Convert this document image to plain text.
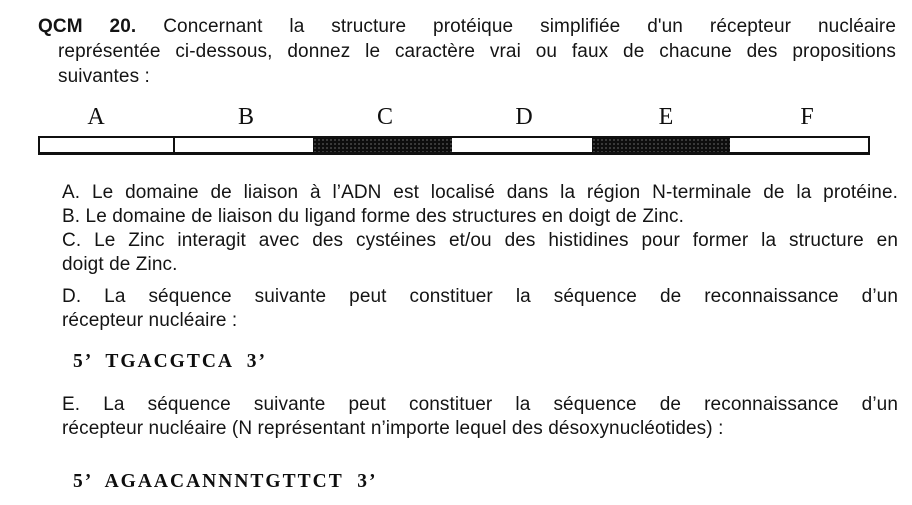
QCM 20. Concernant la structure protéique simplifiée d'un récepteur nucléaire
représentée ci-dessous, donnez le caractère vrai ou faux de chacune des propositions
suivantes :
A	B	C	D	E	F
A. Le domaine de liaison à l’ADN est localisé dans la région N-terminale de la protéine.
B. Le domaine de liaison du ligand forme des structures en doigt de Zinc.
C. Le Zinc interagit avec des cystéines et/ou des histidines pour former la structure en
doigt de Zinc.
D. La séquence suivante peut constituer la séquence de reconnaissance d’un
récepteur nucléaire :
5’ TGACGTCA 3’
E. La séquence suivante peut constituer la séquence de reconnaissance d’un
récepteur nucléaire (N représentant n’importe lequel des désoxynucléotides) :
5’ AGAACANNNTGTTCT 3’
